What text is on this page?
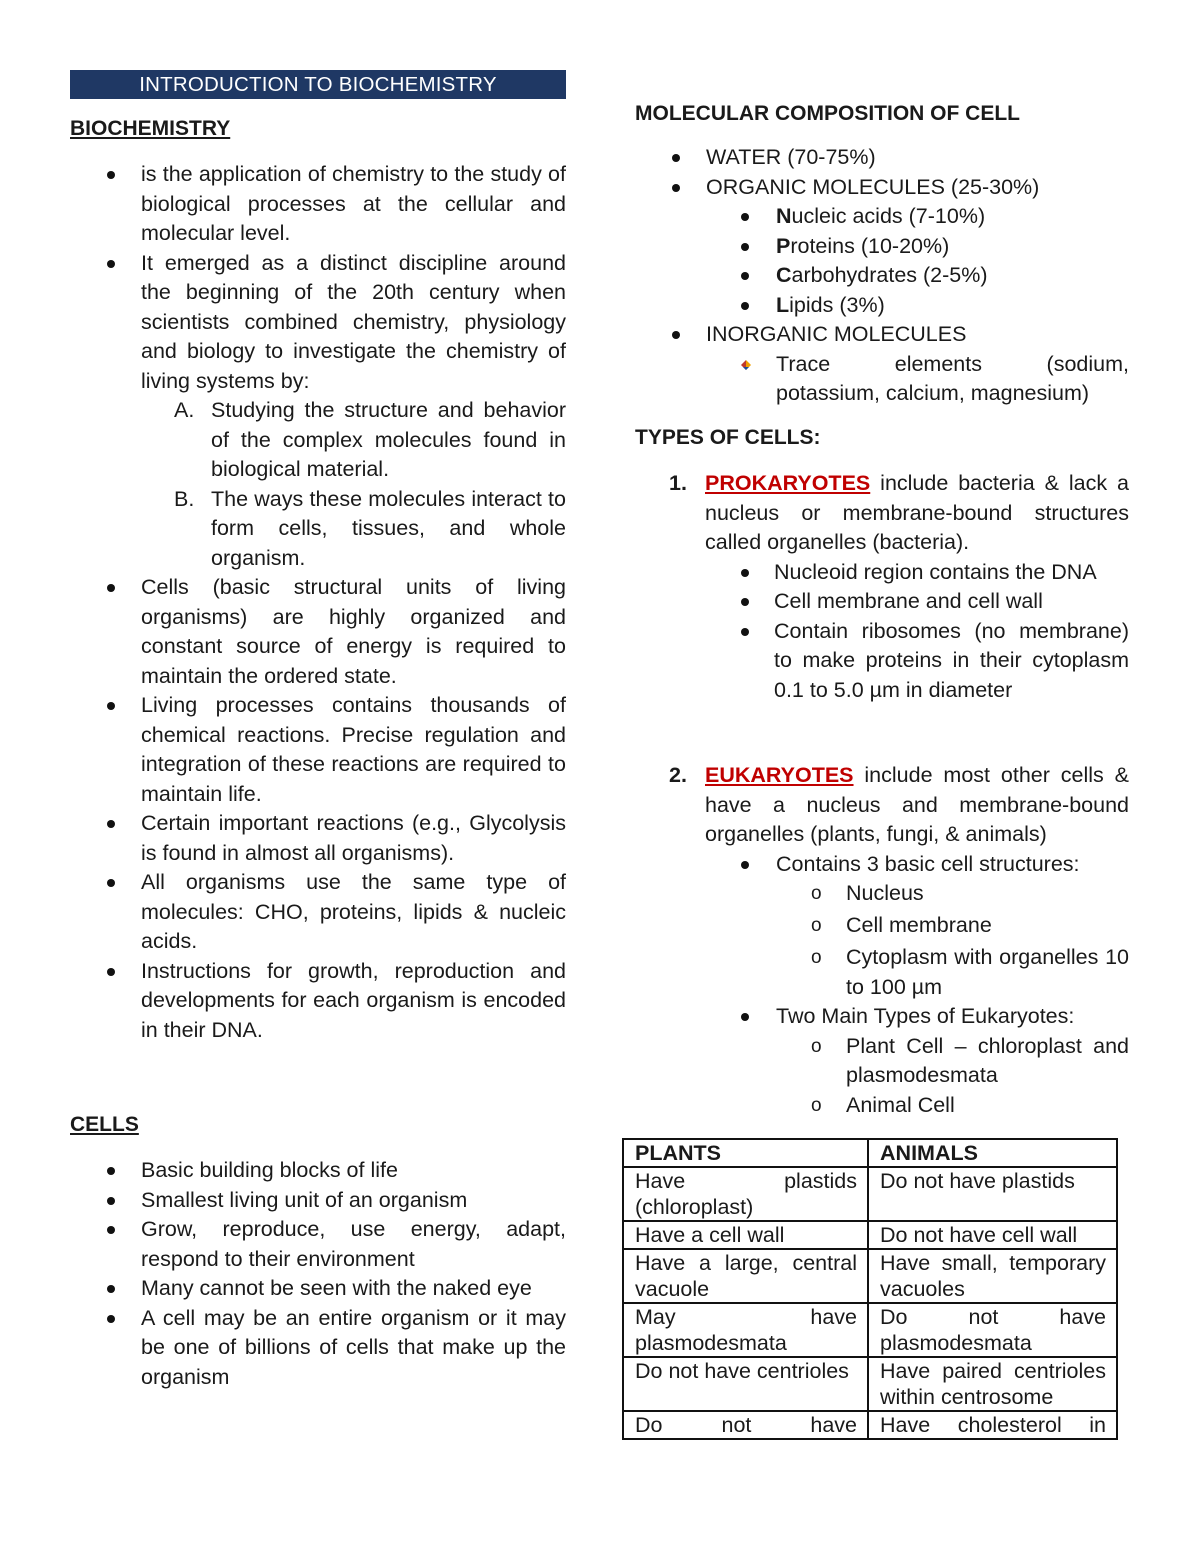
INTRODUCTION TO BIOCHEMISTRY
BIOCHEMISTRY
is the application of chemistry to the study of biological processes at the cellular and molecular level.
It emerged as a distinct discipline around the beginning of the 20th century when scientists combined chemistry, physiology and biology to investigate the chemistry of living systems by:
A. Studying the structure and behavior of the complex molecules found in biological material.
B. The ways these molecules interact to form cells, tissues, and whole organism.
Cells (basic structural units of living organisms) are highly organized and constant source of energy is required to maintain the ordered state.
Living processes contains thousands of chemical reactions. Precise regulation and integration of these reactions are required to maintain life.
Certain important reactions (e.g., Glycolysis is found in almost all organisms).
All organisms use the same type of molecules: CHO, proteins, lipids & nucleic acids.
Instructions for growth, reproduction and developments for each organism is encoded in their DNA.
CELLS
Basic building blocks of life
Smallest living unit of an organism
Grow, reproduce, use energy, adapt, respond to their environment
Many cannot be seen with the naked eye
A cell may be an entire organism or it may be one of billions of cells that make up the organism
MOLECULAR COMPOSITION OF CELL
WATER (70-75%)
ORGANIC MOLECULES (25-30%)
Nucleic acids (7-10%)
Proteins (10-20%)
Carbohydrates (2-5%)
Lipids (3%)
INORGANIC MOLECULES
Trace elements (sodium,
potassium, calcium, magnesium)
TYPES OF CELLS:
1. PROKARYOTES include bacteria & lack a nucleus or membrane-bound structures called organelles (bacteria).
Nucleoid region contains the DNA
Cell membrane and cell wall
Contain ribosomes (no membrane) to make proteins in their cytoplasm 0.1 to 5.0 µm in diameter
2. EUKARYOTES include most other cells & have a nucleus and membrane-bound organelles (plants, fungi, & animals)
Contains 3 basic cell structures:
o Nucleus
o Cell membrane
o Cytoplasm with organelles 10 to 100 µm
Two Main Types of Eukaryotes:
o Plant Cell – chloroplast and plasmodesmata
o Animal Cell
PLANTS	ANIMALS
Have plastids (chloroplast)	Do not have plastids
Have a cell wall	Do not have cell wall
Have a large, central vacuole	Have small, temporary vacuoles
May have plasmodesmata	Do not have plasmodesmata
Do not have centrioles	Have paired centrioles within centrosome
Do not have	Have cholesterol in
